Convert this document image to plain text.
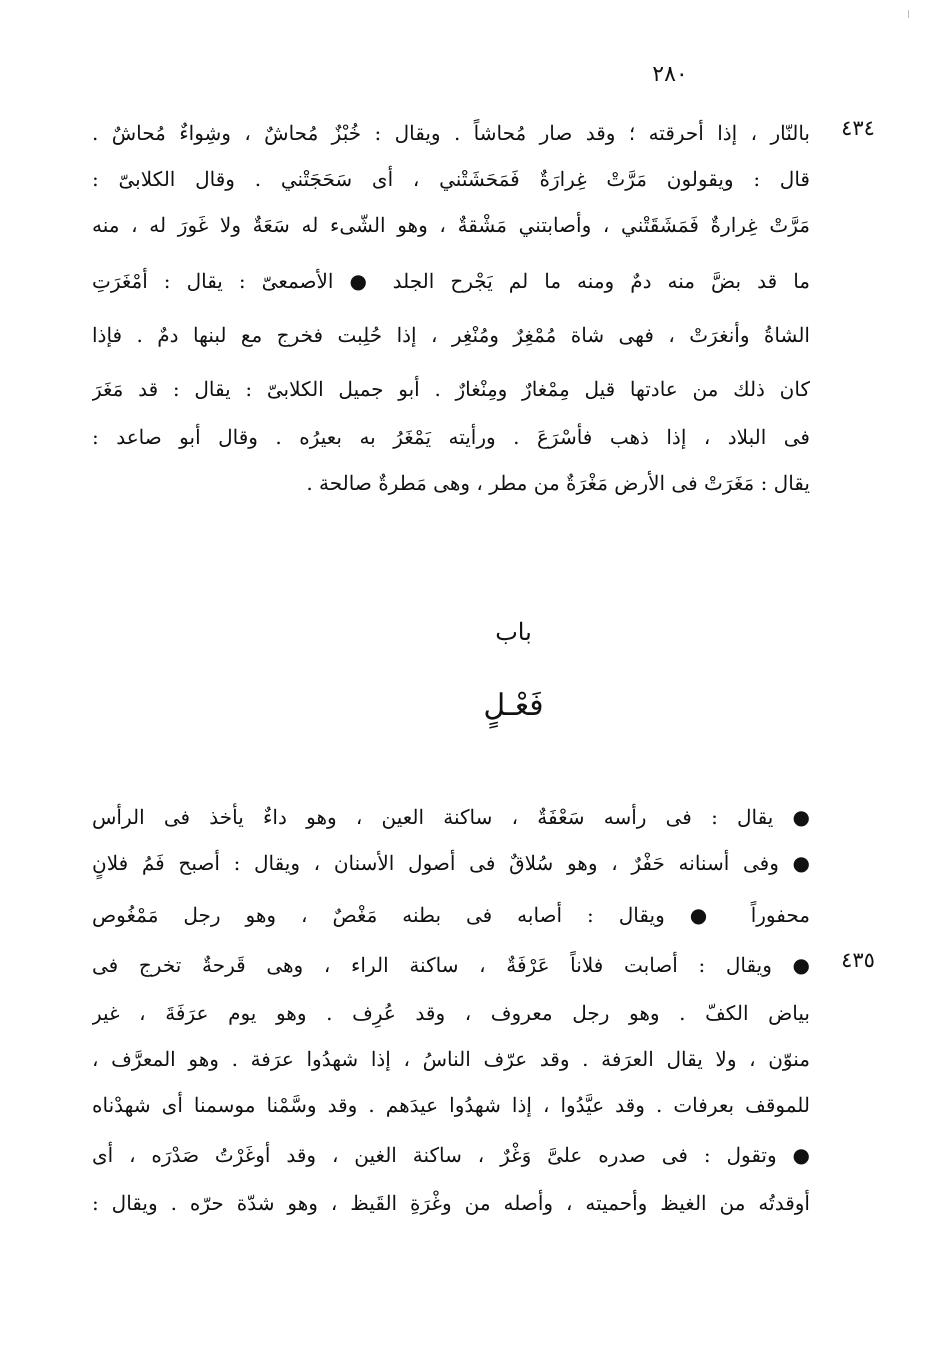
٢٨٠
٤٣٤
بالنّار ، إذا أحرقته ؛ وقد صار مُحاشاً . ويقال : خُبْزٌ مُحاشٌ ، وشِواءٌ مُحاشٌ .
قال : ويقولون مَرَّتْ غِرارَةٌ فَمَحَشَتْني ، أى سَحَجَتْني . وقال الكلابىّ :
مَرَّتْ غِرارةٌ فَمَشَقَتْني ، وأصابتني مَشْقةٌ ، وهو الشّىء له سَعَةٌ ولا غَورَ له ، منه
ما قد بضَّ منه دمٌ ومنه ما لم يَجْرح الجلد ● الأصمعىّ : يقال : أمْغَرَتِ
الشاةُ وأنغرَتْ ، فهى شاة مُمْغِرٌ ومُنْغِر ، إذا حُلِبت فخرج مع لبنها دمٌ . فإذا
كان ذلك من عادتها قيل مِمْغارٌ ومِنْغارٌ . أبو جميل الكلابىّ : يقال : قد مَغَرَ
فى البلاد ، إذا ذهب فأسْرَعَ . ورأيته يَمْغَرُ به بعيرُه . وقال أبو صاعد :
يقال : مَغَرَتْ فى الأرض مَغْرَةٌ من مطر ، وهى مَطرةٌ صالحة .
باب
فَعْـلٍ
٤٣٥
● يقال : فى رأسه سَعْفَةٌ ، ساكنة العين ، وهو داءٌ يأخذ فى الرأس
● وفى أسنانه حَفْرٌ ، وهو سُلاقٌ فى أصول الأسنان ، ويقال : أصبح فَمُ فلانٍ
محفوراً ● ويقال : أصابه فى بطنه مَغْصٌ ، وهو رجل مَمْغُوص
● ويقال : أصابت فلاناً عَرْفَةٌ ، ساكنة الراء ، وهى قَرحةٌ تخرج فى
بياض الكفّ . وهو رجل معروف ، وقد عُرِف . وهو يوم عرَفَةَ ، غير
منوّن ، ولا يقال العرَفة . وقد عرّف الناسُ ، إذا شهدُوا عرَفة . وهو المعرَّف ،
للموقف بعرفات . وقد عيَّدُوا ، إذا شهدُوا عيدَهم . وقد وسَّمْنا موسمنا أى شهدْناه
● وتقول : فى صدره علىَّ وَغْرٌ ، ساكنة الغين ، وقد أوغَرْتُ صَدْرَه ، أى
أوقدتُه من الغيظ وأحميته ، وأصله من وغْرَةِ القَيظ ، وهو شدّة حرّه . ويقال :
